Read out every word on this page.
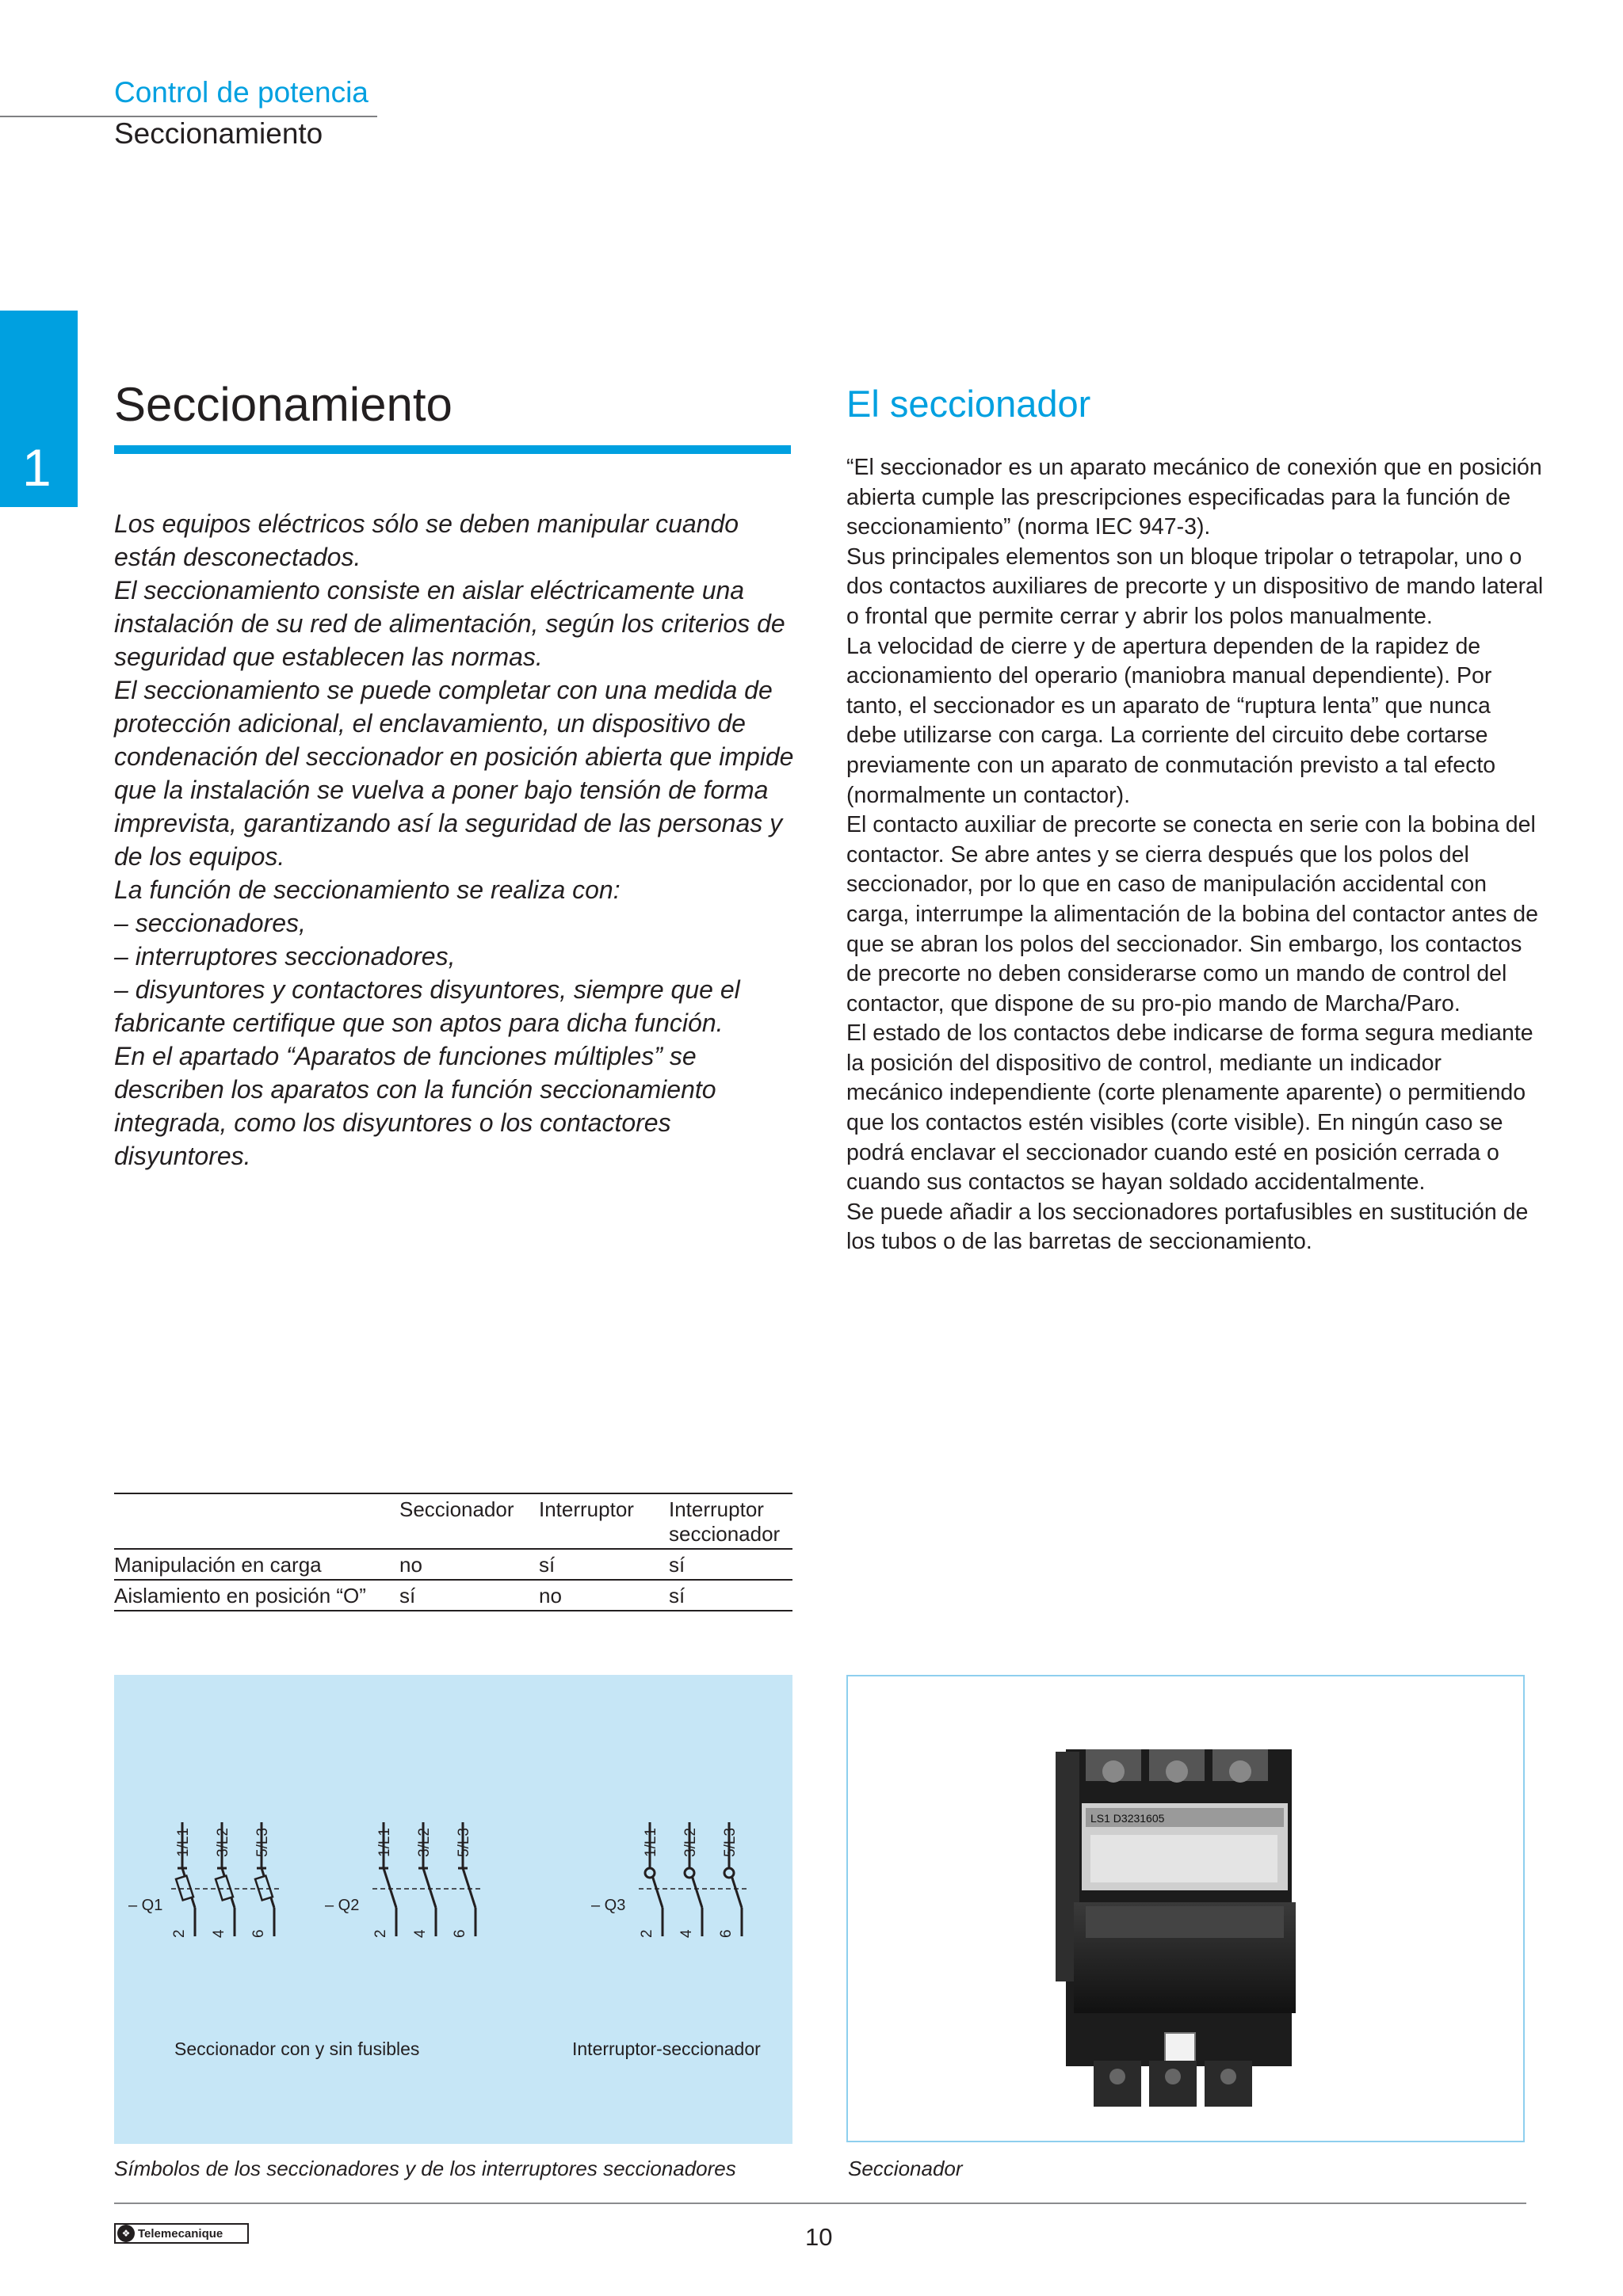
Control de potencia
Seccionamiento
1
Seccionamiento

Los equipos eléctricos sólo se deben manipular cuando están desconectados.

El seccionamiento consiste en aislar eléctricamente una instalación de su red de alimentación, según los criterios de seguridad que establecen las normas.

El seccionamiento se puede completar con una medida de protección adicional, el enclavamiento, un dispositivo de condenación del seccionador en posición abierta que impide que la instalación se vuelva a poner bajo tensión de forma imprevista, garantizando así la seguridad de las personas y de los equipos.

La función de seccionamiento se realiza con:

– seccionadores,

– interruptores seccionadores,

– disyuntores y contactores disyuntores, siempre que el fabricante certifique que son aptos para dicha función.

En el apartado “Aparatos de funciones múltiples” se describen los aparatos con la función seccionamiento integrada, como los disyuntores o los contactores disyuntores.

El seccionador

“El seccionador es un aparato mecánico de conexión que en posición abierta cumple las prescripciones especificadas para la función de seccionamiento” (norma IEC 947-3).

Sus principales elementos son un bloque tripolar o tetrapolar, uno o dos contactos auxiliares de precorte y un dispositivo de mando lateral o frontal que permite cerrar y abrir los polos manualmente.

La velocidad de cierre y de apertura dependen de la rapidez de accionamiento del operario (maniobra manual dependiente). Por tanto, el seccionador es un aparato de “ruptura lenta” que nunca debe utilizarse con carga. La corriente del circuito debe cortarse previamente con un aparato de conmutación previsto a tal efecto (normalmente un contactor).

El contacto auxiliar de precorte se conecta en serie con la bobina del contactor. Se abre antes y se cierra después que los polos del seccionador, por lo que en caso de manipulación accidental con carga, interrumpe la alimentación de la bobina del contactor antes de que se abran los polos del seccionador. Sin embargo, los contactos de precorte no deben considerarse como un mando de control del contactor, que dispone de su pro-pio mando de Marcha/Paro.

El estado de los contactos debe indicarse de forma segura mediante la posición del dispositivo de control, mediante un indicador mecánico independiente (corte plenamente aparente) o permitiendo que los contactos estén visibles (corte visible). En ningún caso se podrá enclavar el seccionador cuando esté en posición cerrada o cuando sus contactos se hayan soldado accidentalmente.

Se puede añadir a los seccionadores portafusibles en sustitución de los tubos o de las barretas de seccionamiento.

	Seccionador	Interruptor	Interruptor seccionador
Manipulación en carga	no	sí	sí
Aislamiento en posición “O”	sí	no	sí
1/L1 3/L2 5/L3	1/L1 3/L2 5/L3	1/L1 3/L2 5/L3
2 4 6	2 4 6	2 4 6
– Q1	– Q2	– Q3
Seccionador con y sin fusibles	Interruptor-seccionador
LS1 D3231605
Símbolos de los seccionadores y de los interruptores seccionadores	Seccionador
❖ Telemecanique	10
